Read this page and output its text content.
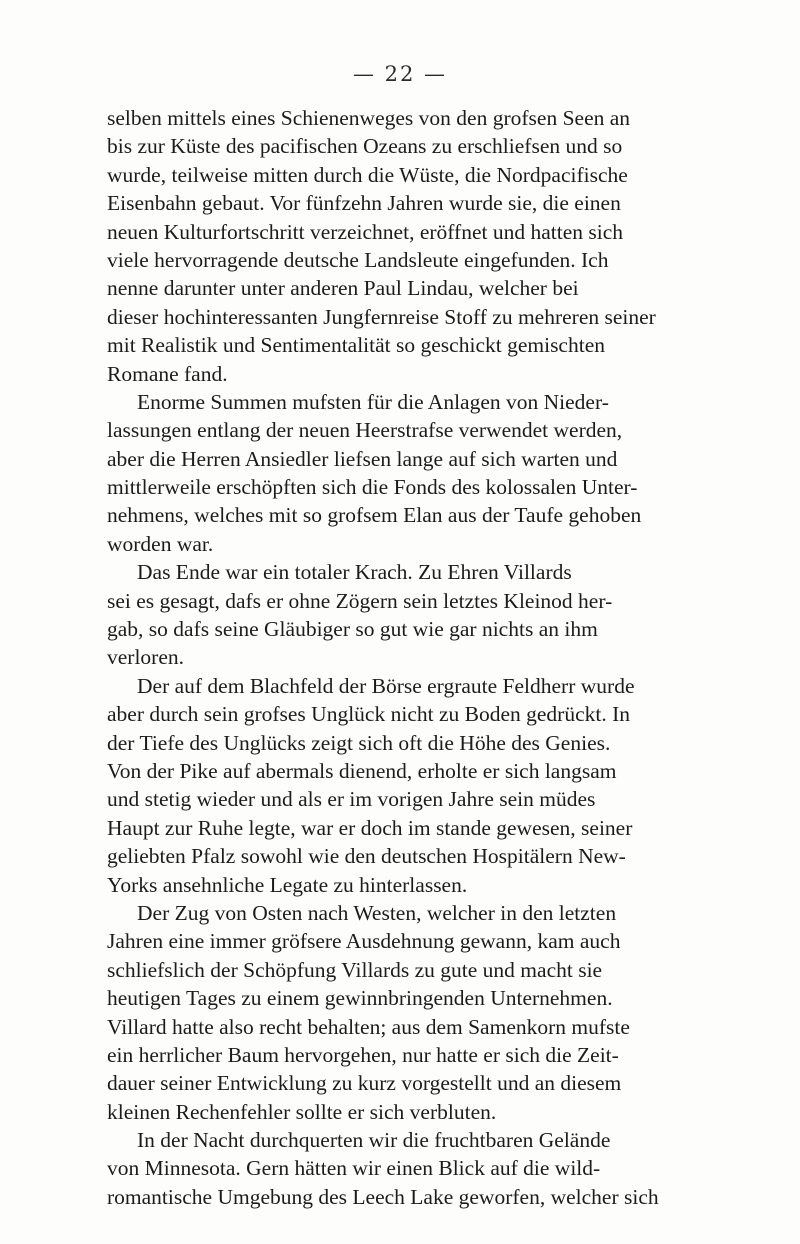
— 22 —
selben mittels eines Schienenweges von den grofsen Seen an
bis zur Küste des pacifischen Ozeans zu erschliefsen und so
wurde, teilweise mitten durch die Wüste, die Nordpacifische
Eisenbahn gebaut. Vor fünfzehn Jahren wurde sie, die einen
neuen Kulturfortschritt verzeichnet, eröffnet und hatten sich
viele hervorragende deutsche Landsleute eingefunden. Ich
nenne darunter unter anderen Paul Lindau, welcher bei
dieser hochinteressanten Jungfernreise Stoff zu mehreren seiner
mit Realistik und Sentimentalität so geschickt gemischten
Romane fand.
Enorme Summen mufsten für die Anlagen von Nieder-
lassungen entlang der neuen Heerstrafse verwendet werden,
aber die Herren Ansiedler liefsen lange auf sich warten und
mittlerweile erschöpften sich die Fonds des kolossalen Unter-
nehmens, welches mit so grofsem Elan aus der Taufe gehoben
worden war.
Das Ende war ein totaler Krach. Zu Ehren Villards
sei es gesagt, dafs er ohne Zögern sein letztes Kleinod her-
gab, so dafs seine Gläubiger so gut wie gar nichts an ihm
verloren.
Der auf dem Blachfeld der Börse ergraute Feldherr wurde
aber durch sein grofses Unglück nicht zu Boden gedrückt. In
der Tiefe des Unglücks zeigt sich oft die Höhe des Genies.
Von der Pike auf abermals dienend, erholte er sich langsam
und stetig wieder und als er im vorigen Jahre sein müdes
Haupt zur Ruhe legte, war er doch im stande gewesen, seiner
geliebten Pfalz sowohl wie den deutschen Hospitälern New-
Yorks ansehnliche Legate zu hinterlassen.
Der Zug von Osten nach Westen, welcher in den letzten
Jahren eine immer gröfsere Ausdehnung gewann, kam auch
schliefslich der Schöpfung Villards zu gute und macht sie
heutigen Tages zu einem gewinnbringenden Unternehmen.
Villard hatte also recht behalten; aus dem Samenkorn mufste
ein herrlicher Baum hervorgehen, nur hatte er sich die Zeit-
dauer seiner Entwicklung zu kurz vorgestellt und an diesem
kleinen Rechenfehler sollte er sich verbluten.
In der Nacht durchquerten wir die fruchtbaren Gelände
von Minnesota. Gern hätten wir einen Blick auf die wild-
romantische Umgebung des Leech Lake geworfen, welcher sich
